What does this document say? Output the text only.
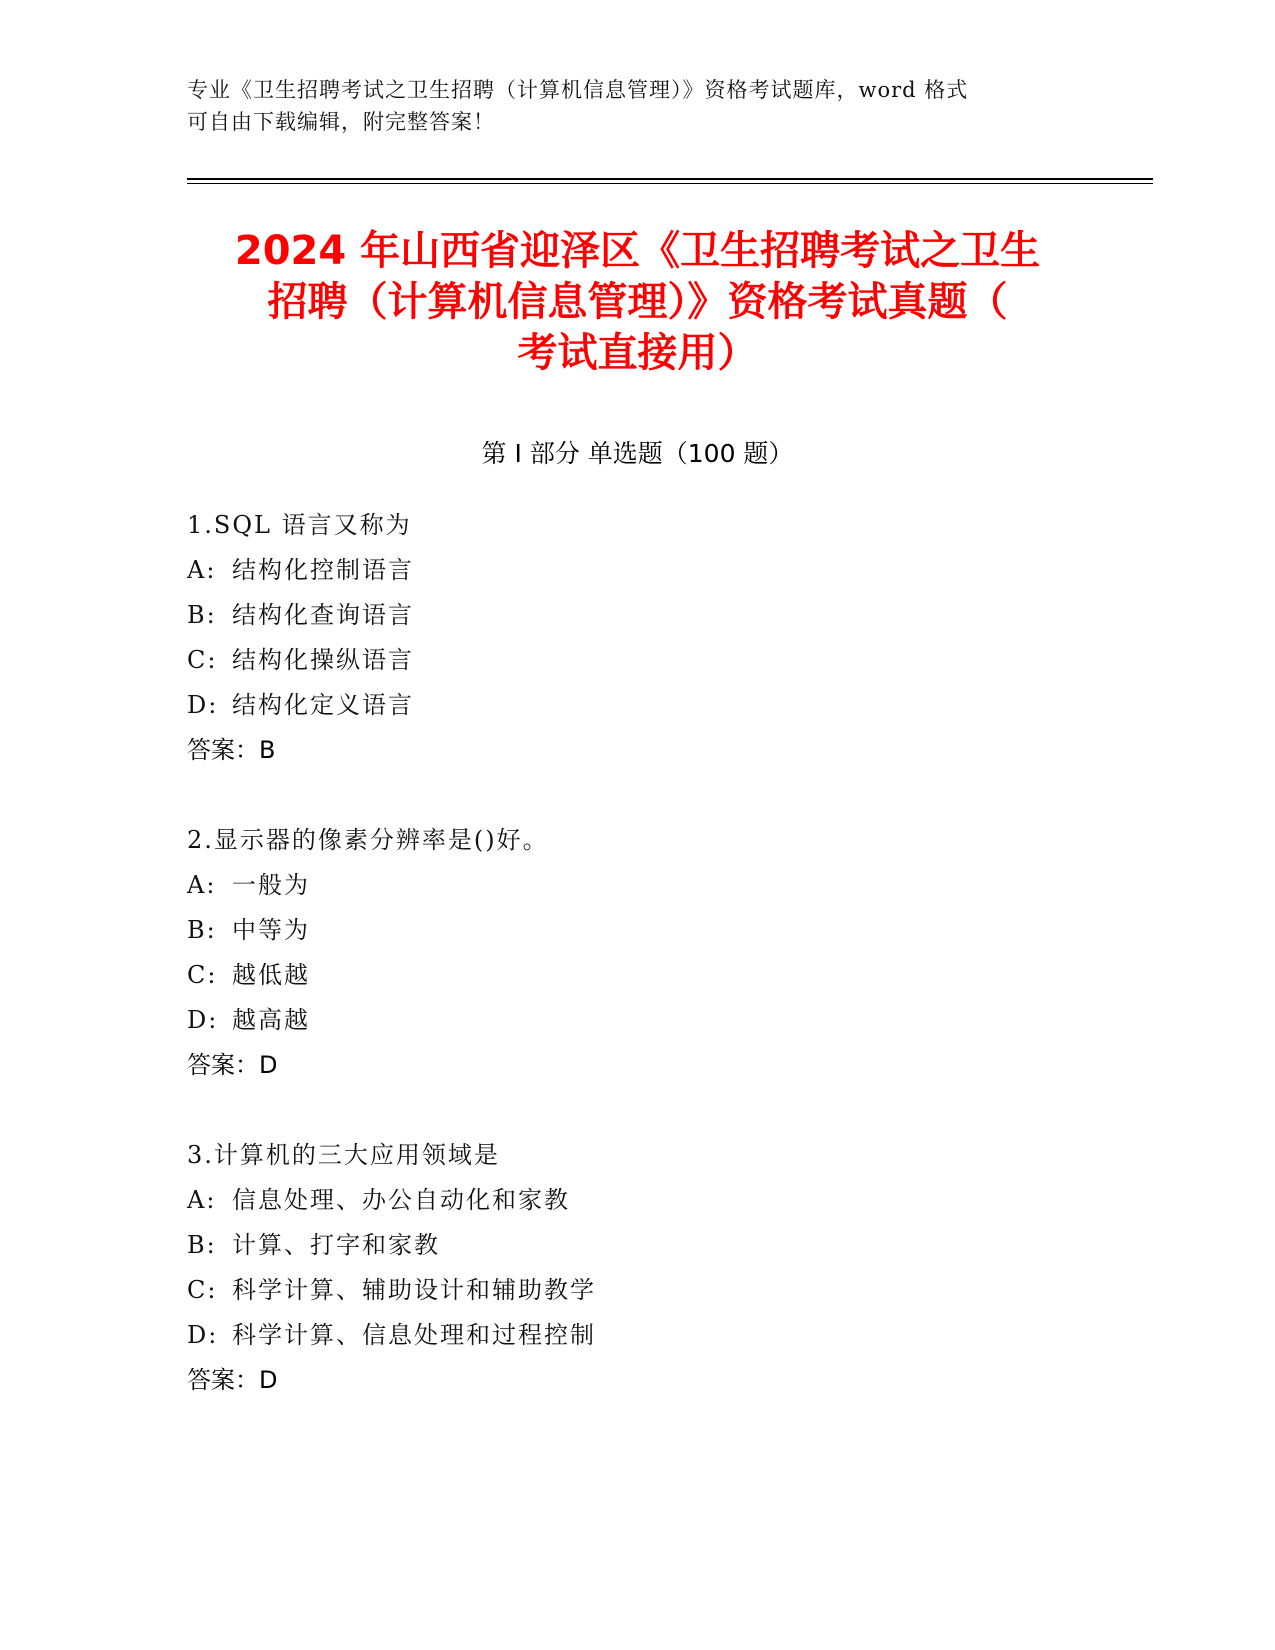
专业《卫生招聘考试之卫生招聘（计算机信息管理）》资格考试题库，word 格式
可自由下载编辑，附完整答案！
2024 年山西省迎泽区《卫生招聘考试之卫生
招聘（计算机信息管理）》资格考试真题（
考试直接用）
第 I 部分 单选题（100 题）
1.SQL 语言又称为
A: 结构化控制语言
B: 结构化查询语言
C: 结构化操纵语言
D: 结构化定义语言
答案：B
2.显示器的像素分辨率是()好。
A: 一般为
B: 中等为
C: 越低越
D: 越高越
答案：D
3.计算机的三大应用领域是
A: 信息处理、办公自动化和家教
B: 计算、打字和家教
C: 科学计算、辅助设计和辅助教学
D: 科学计算、信息处理和过程控制
答案：D
